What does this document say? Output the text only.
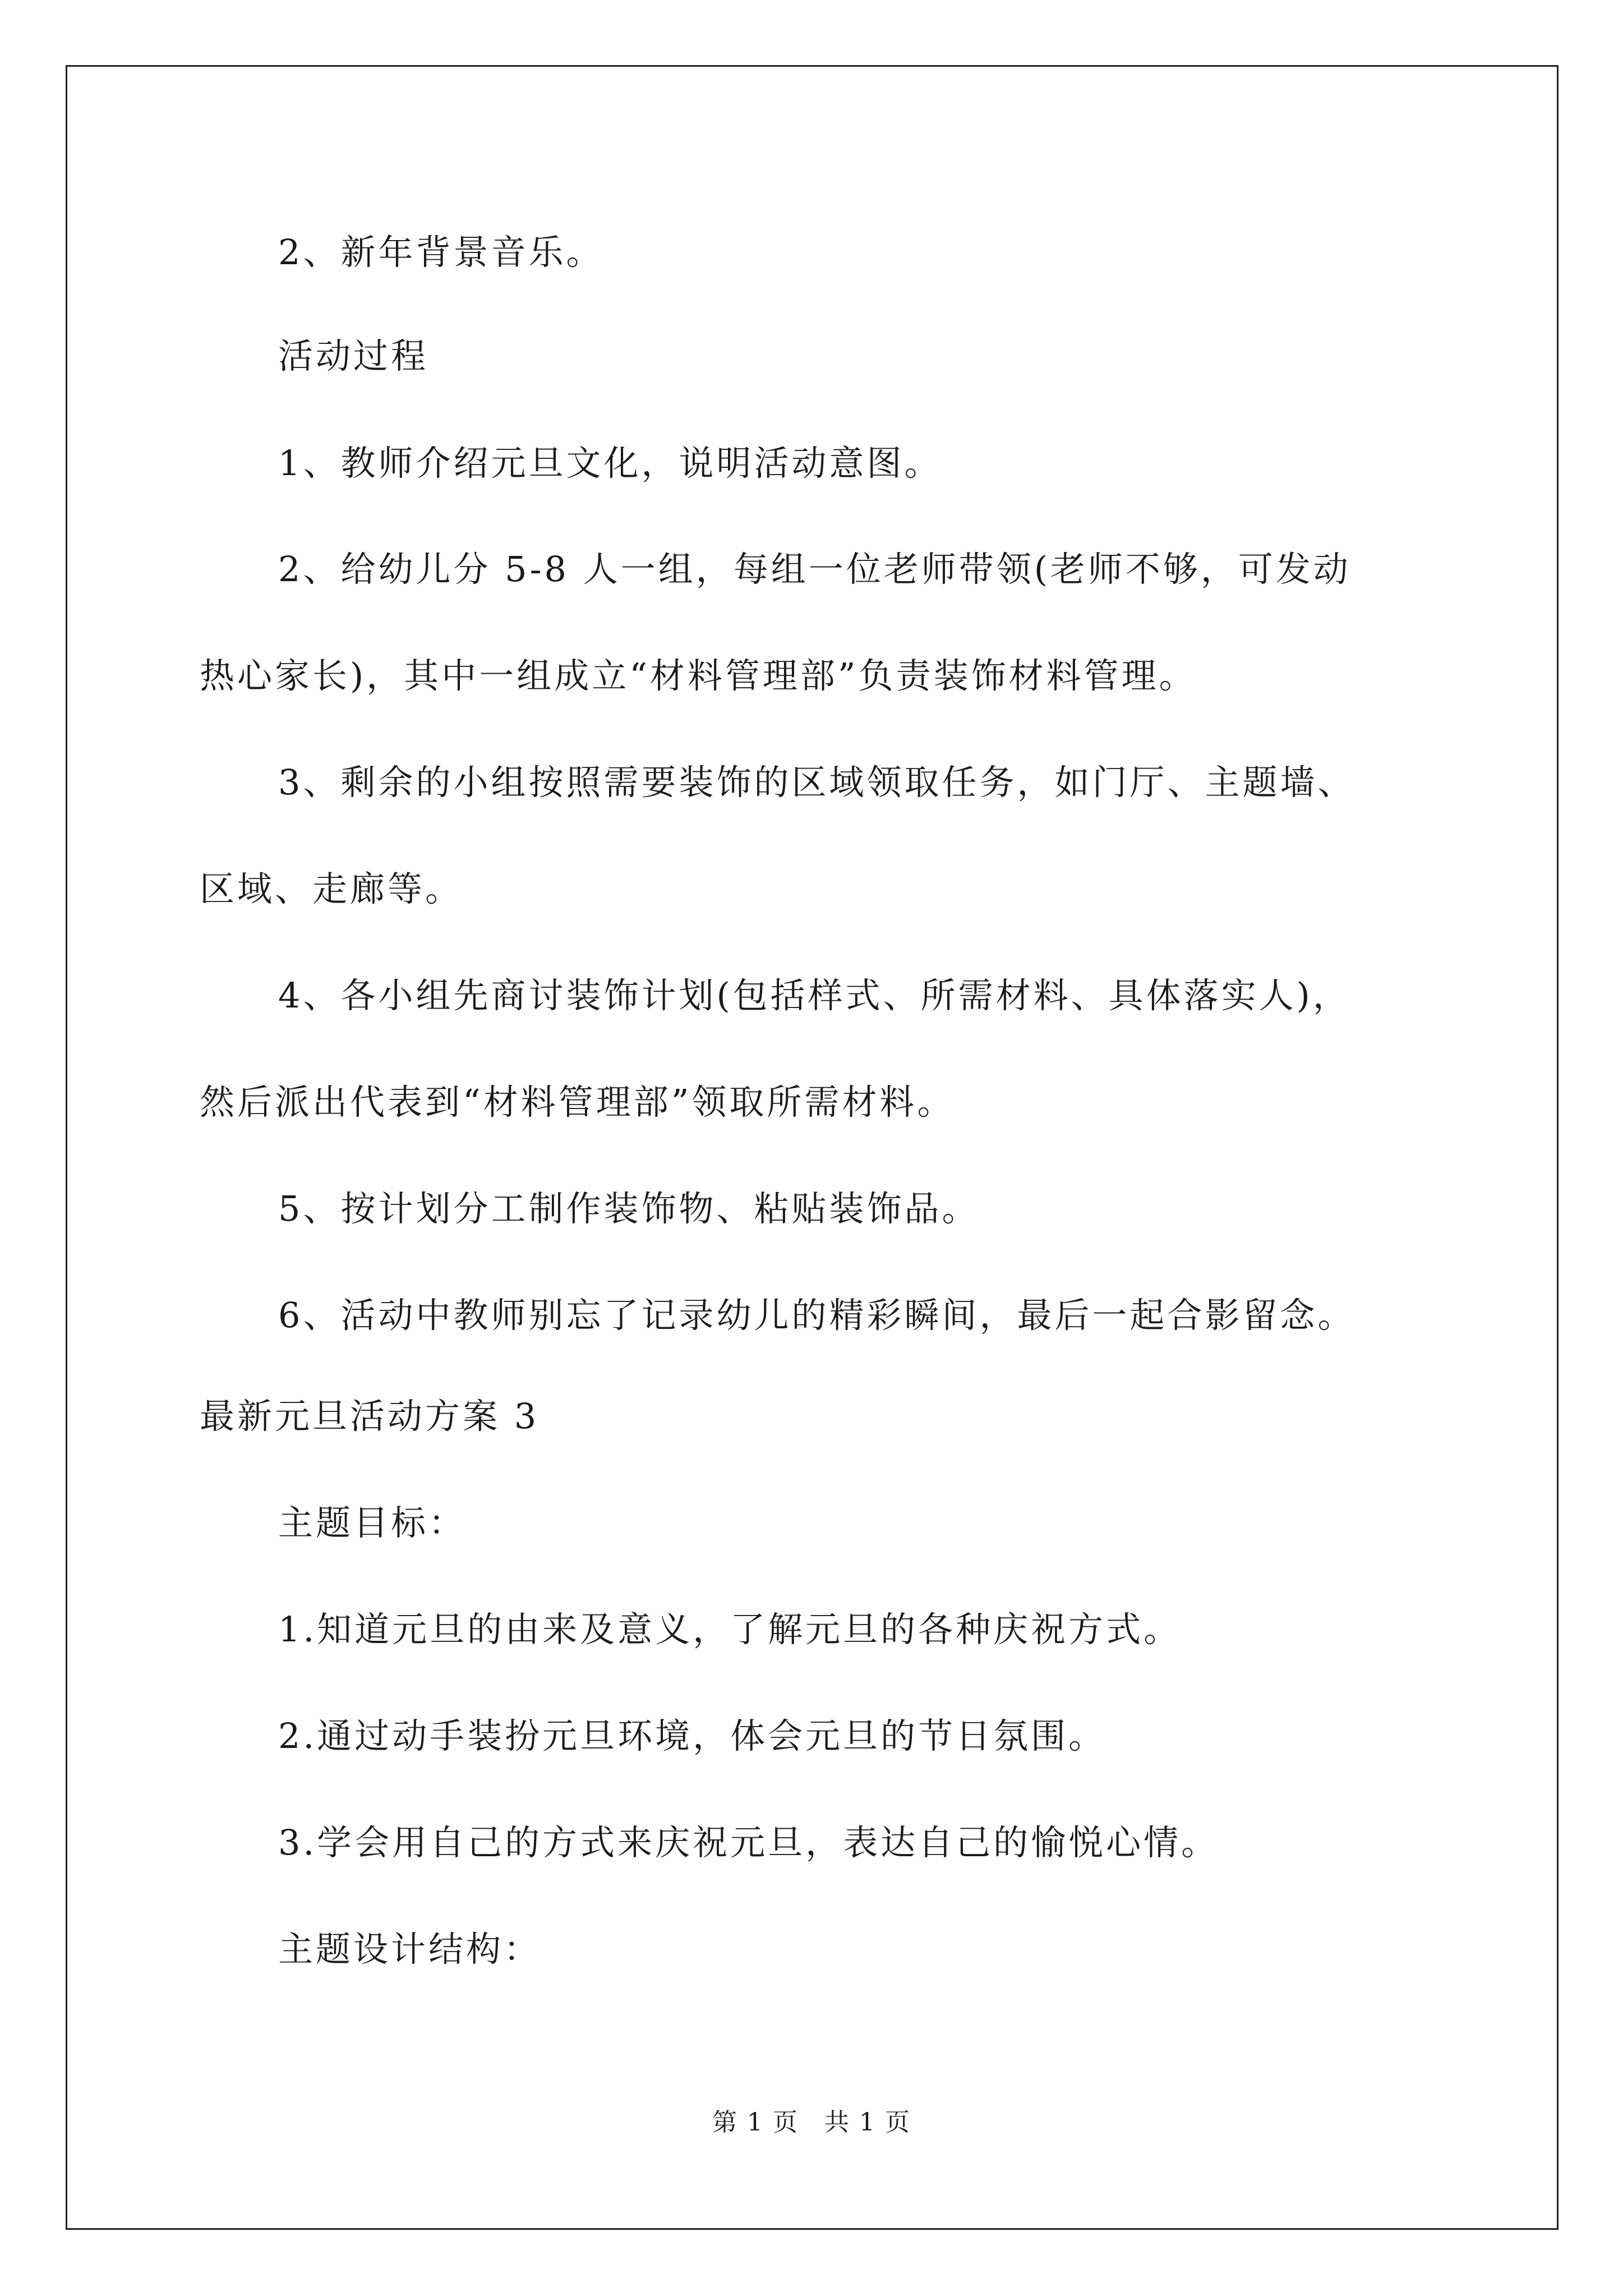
2、新年背景音乐。
活动过程
1、教师介绍元旦文化，说明活动意图。
2、给幼儿分 5-8 人一组，每组一位老师带领(老师不够，可发动
热心家长)，其中一组成立“材料管理部”负责装饰材料管理。
3、剩余的小组按照需要装饰的区域领取任务，如门厅、主题墙、
区域、走廊等。
4、各小组先商讨装饰计划(包括样式、所需材料、具体落实人)，
然后派出代表到“材料管理部”领取所需材料。
5、按计划分工制作装饰物、粘贴装饰品。
6、活动中教师别忘了记录幼儿的精彩瞬间，最后一起合影留念。
最新元旦活动方案 3
主题目标：
1.知道元旦的由来及意义，了解元旦的各种庆祝方式。
2.通过动手装扮元旦环境，体会元旦的节日氛围。
3.学会用自己的方式来庆祝元旦，表达自己的愉悦心情。
主题设计结构：
第 1 页　共 1 页
